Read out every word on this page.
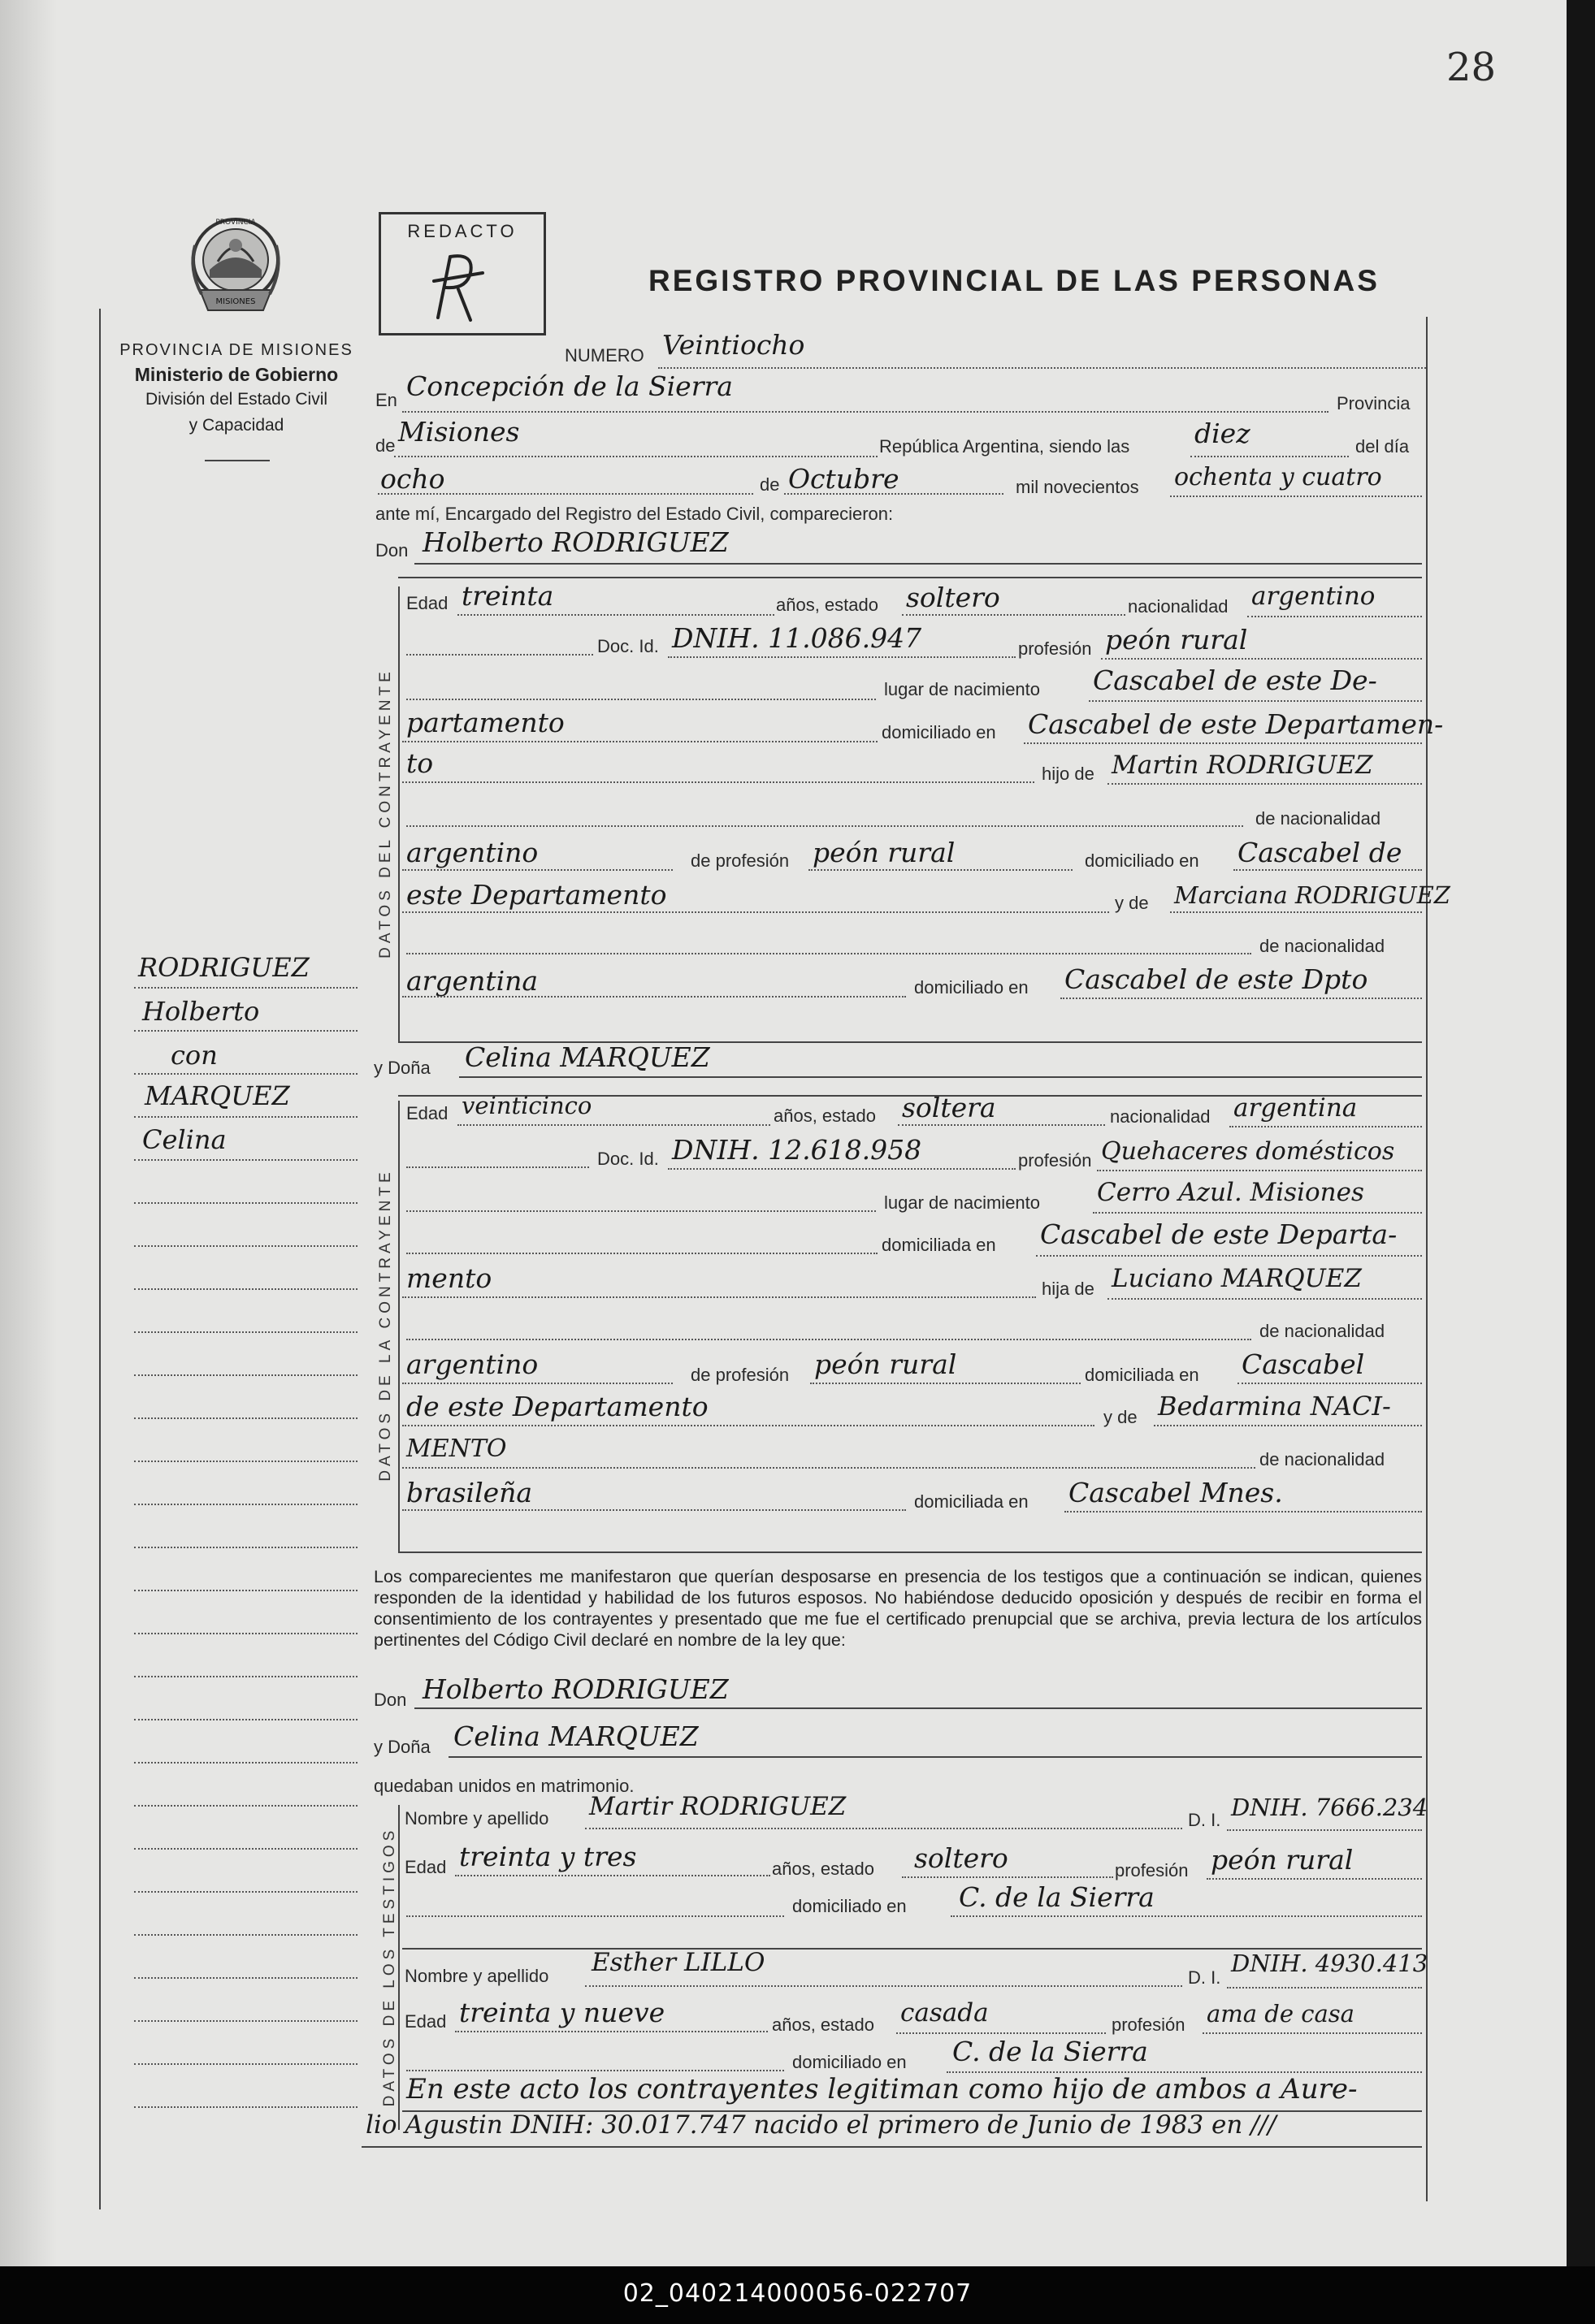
28
PROVINCIA
MISIONES
PROVINCIA DE MISIONES
Ministerio de Gobierno
División del Estado Civil
y Capacidad
REDACTO
REGISTRO PROVINCIAL DE LAS PERSONAS
RODRIGUEZ
Holberto
con
MARQUEZ
Celina
NUMERO Veintiocho
En Concepción de la Sierra
Provincia
de Misiones	República Argentina, siendo las diez	del día
ocho	de Octubre	mil novecientos ochenta y cuatro
ante mí, Encargado del Registro del Estado Civil, comparecieron:
Don Holberto RODRIGUEZ
DATOS DEL CONTRAYENTE
Edad treinta	años, estado soltero	nacionalidad argentino
Doc. Id. DNIH. 11.086.947	profesión peón rural
lugar de nacimiento Cascabel de este De-
partamento	domiciliado en Cascabel de este Departamen-
to	hijo de Martin RODRIGUEZ
de nacionalidad
argentino	de profesión peón rural	domiciliado en Cascabel de
este Departamento	y de Marciana RODRIGUEZ
de nacionalidad
argentina	domiciliado en Cascabel de este Dpto
y Doña Celina MARQUEZ
DATOS DE LA CONTRAYENTE
Edad veinticinco	años, estado soltera	nacionalidad argentina
Doc. Id. DNIH. 12.618.958	profesión Quehaceres domésticos
lugar de nacimiento Cerro Azul. Misiones
domiciliada en Cascabel de este Departa-
mento	hija de Luciano MARQUEZ
de nacionalidad
argentino	de profesión peón rural	domiciliada en Cascabel
de este Departamento	y de Bedarmina NACI-
MENTO	de nacionalidad
brasileña	domiciliada en Cascabel Mnes.
Los comparecientes me manifestaron que querían desposarse en presencia de los testigos que a continuación se indican, quienes responden de la identidad y habilidad de los futuros esposos. No habiéndose deducido oposición y después de recibir en forma el consentimiento de los contrayentes y presentado que me fue el certificado prenupcial que se archiva, previa lectura de los artículos pertinentes del Código Civil declaré en nombre de la ley que:
Don Holberto RODRIGUEZ
y Doña Celina MARQUEZ
quedaban unidos en matrimonio.
DATOS DE LOS TESTIGOS
Nombre y apellido Martir RODRIGUEZ	D. I. DNIH. 7666.234
Edad treinta y tres	años, estado soltero	profesión peón rural
domiciliado en C. de la Sierra
Nombre y apellido Esther LILLO
D. I.
DNIH. 4930.413
Edad treinta y nueve	años, estado casada	profesión ama de casa
domiciliado en C. de la Sierra
En este acto los contrayentes legitiman como hijo de ambos a Aure-
lio Agustin DNIH: 30.017.747 nacido el primero de Junio de 1983 en ///
02_040214000056-022707
